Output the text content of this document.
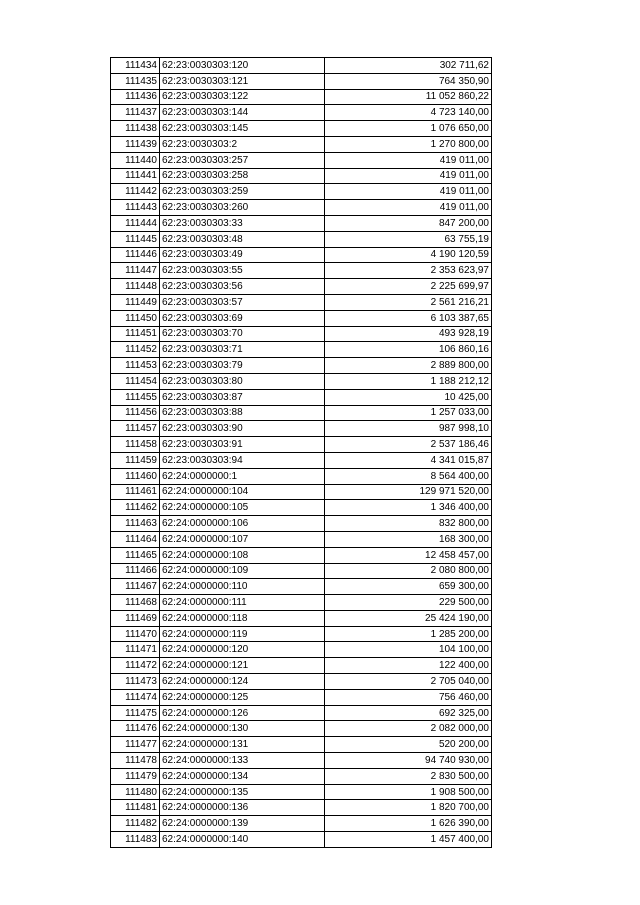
111434	62:23:0030303:120	302 711,62
111435	62:23:0030303:121	764 350,90
111436	62:23:0030303:122	11 052 860,22
111437	62:23:0030303:144	4 723 140,00
111438	62:23:0030303:145	1 076 650,00
111439	62:23:0030303:2	1 270 800,00
111440	62:23:0030303:257	419 011,00
111441	62:23:0030303:258	419 011,00
111442	62:23:0030303:259	419 011,00
111443	62:23:0030303:260	419 011,00
111444	62:23:0030303:33	847 200,00
111445	62:23:0030303:48	63 755,19
111446	62:23:0030303:49	4 190 120,59
111447	62:23:0030303:55	2 353 623,97
111448	62:23:0030303:56	2 225 699,97
111449	62:23:0030303:57	2 561 216,21
111450	62:23:0030303:69	6 103 387,65
111451	62:23:0030303:70	493 928,19
111452	62:23:0030303:71	106 860,16
111453	62:23:0030303:79	2 889 800,00
111454	62:23:0030303:80	1 188 212,12
111455	62:23:0030303:87	10 425,00
111456	62:23:0030303:88	1 257 033,00
111457	62:23:0030303:90	987 998,10
111458	62:23:0030303:91	2 537 186,46
111459	62:23:0030303:94	4 341 015,87
111460	62:24:0000000:1	8 564 400,00
111461	62:24:0000000:104	129 971 520,00
111462	62:24:0000000:105	1 346 400,00
111463	62:24:0000000:106	832 800,00
111464	62:24:0000000:107	168 300,00
111465	62:24:0000000:108	12 458 457,00
111466	62:24:0000000:109	2 080 800,00
111467	62:24:0000000:110	659 300,00
111468	62:24:0000000:111	229 500,00
111469	62:24:0000000:118	25 424 190,00
111470	62:24:0000000:119	1 285 200,00
111471	62:24:0000000:120	104 100,00
111472	62:24:0000000:121	122 400,00
111473	62:24:0000000:124	2 705 040,00
111474	62:24:0000000:125	756 460,00
111475	62:24:0000000:126	692 325,00
111476	62:24:0000000:130	2 082 000,00
111477	62:24:0000000:131	520 200,00
111478	62:24:0000000:133	94 740 930,00
111479	62:24:0000000:134	2 830 500,00
111480	62:24:0000000:135	1 908 500,00
111481	62:24:0000000:136	1 820 700,00
111482	62:24:0000000:139	1 626 390,00
111483	62:24:0000000:140	1 457 400,00
